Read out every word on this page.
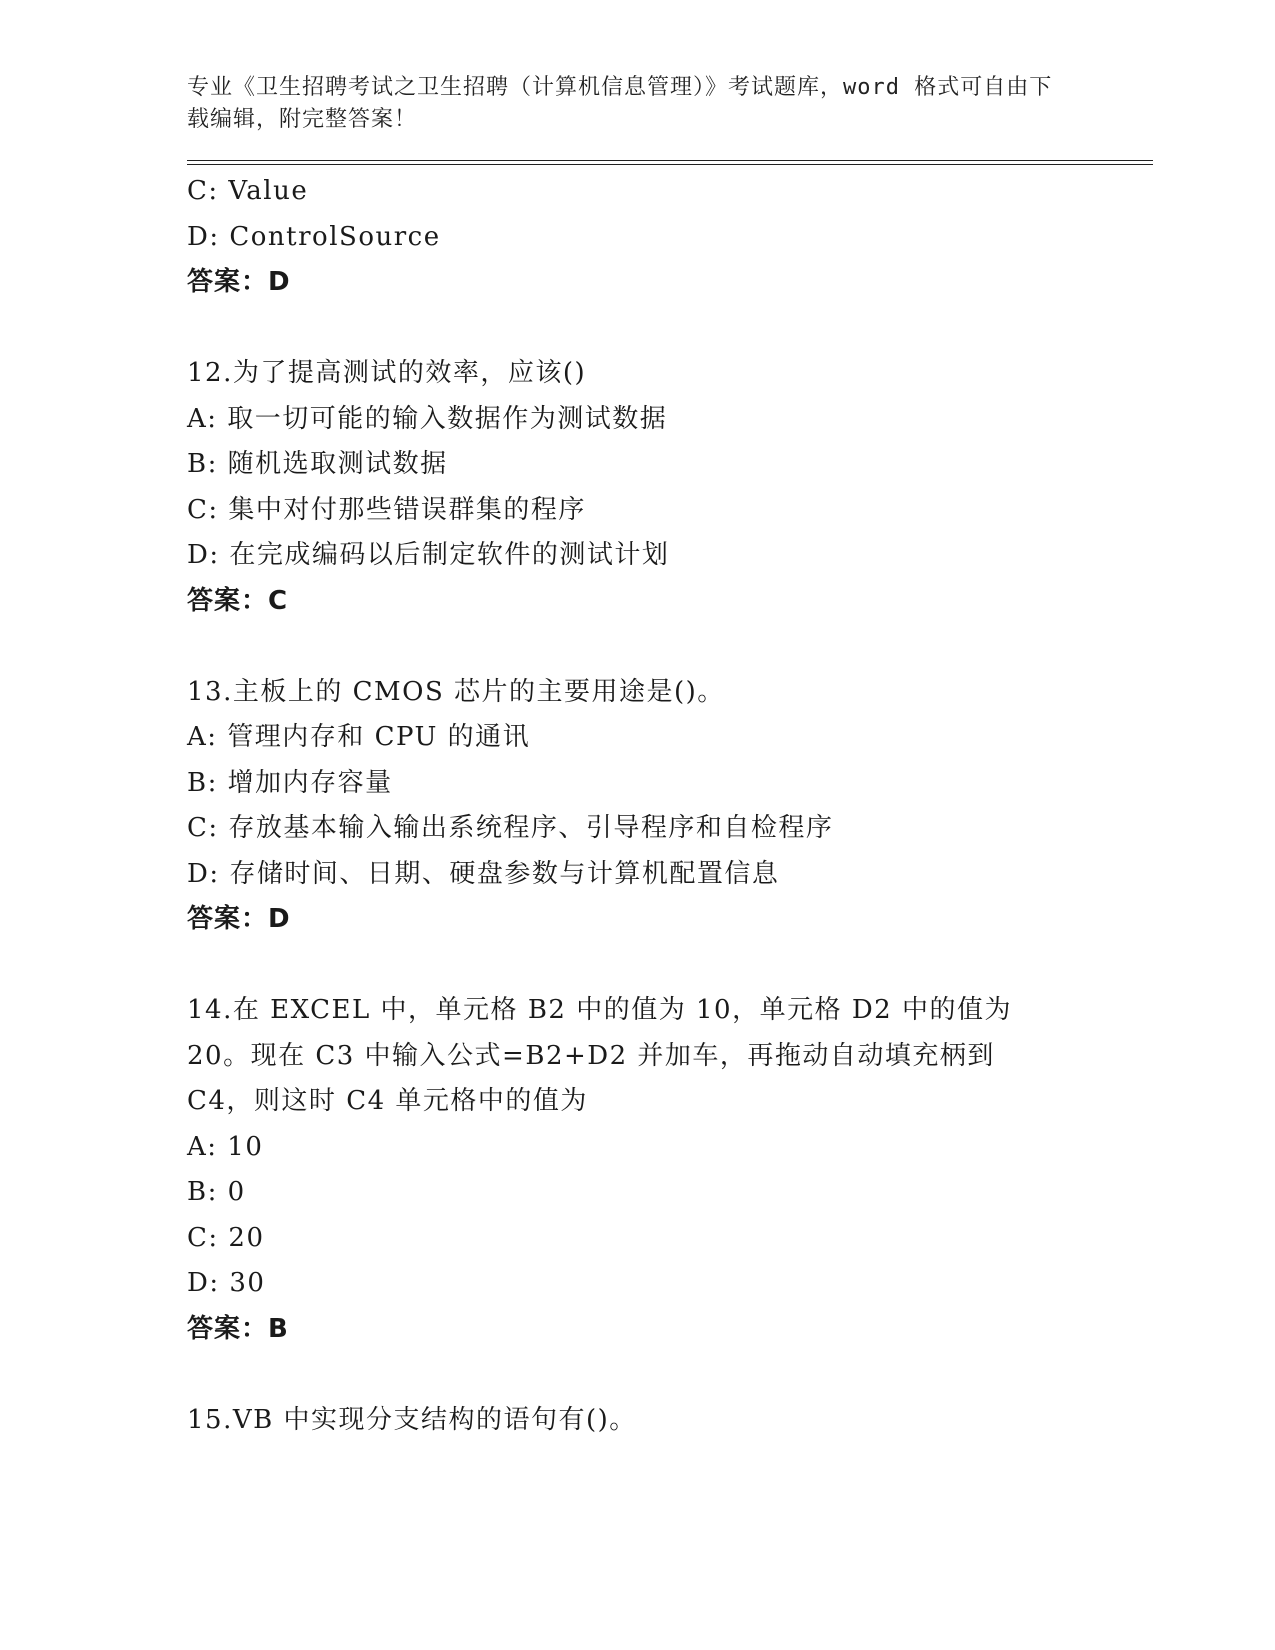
专业《卫生招聘考试之卫生招聘（计算机信息管理）》考试题库，word 格式可自由下载编辑，附完整答案！
C: Value
D: ControlSource
答案：D
12.为了提高测试的效率，应该()
A: 取一切可能的输入数据作为测试数据
B: 随机选取测试数据
C: 集中对付那些错误群集的程序
D: 在完成编码以后制定软件的测试计划
答案：C
13.主板上的 CMOS 芯片的主要用途是()。
A: 管理内存和 CPU 的通讯
B: 增加内存容量
C: 存放基本输入输出系统程序、引导程序和自检程序
D: 存储时间、日期、硬盘参数与计算机配置信息
答案：D
14.在 EXCEL 中，单元格 B2 中的值为 10，单元格 D2 中的值为 20。现在 C3 中输入公式=B2+D2 并加车，再拖动自动填充柄到 C4，则这时 C4 单元格中的值为
A: 10
B: 0
C: 20
D: 30
答案：B
15.VB 中实现分支结构的语句有()。
